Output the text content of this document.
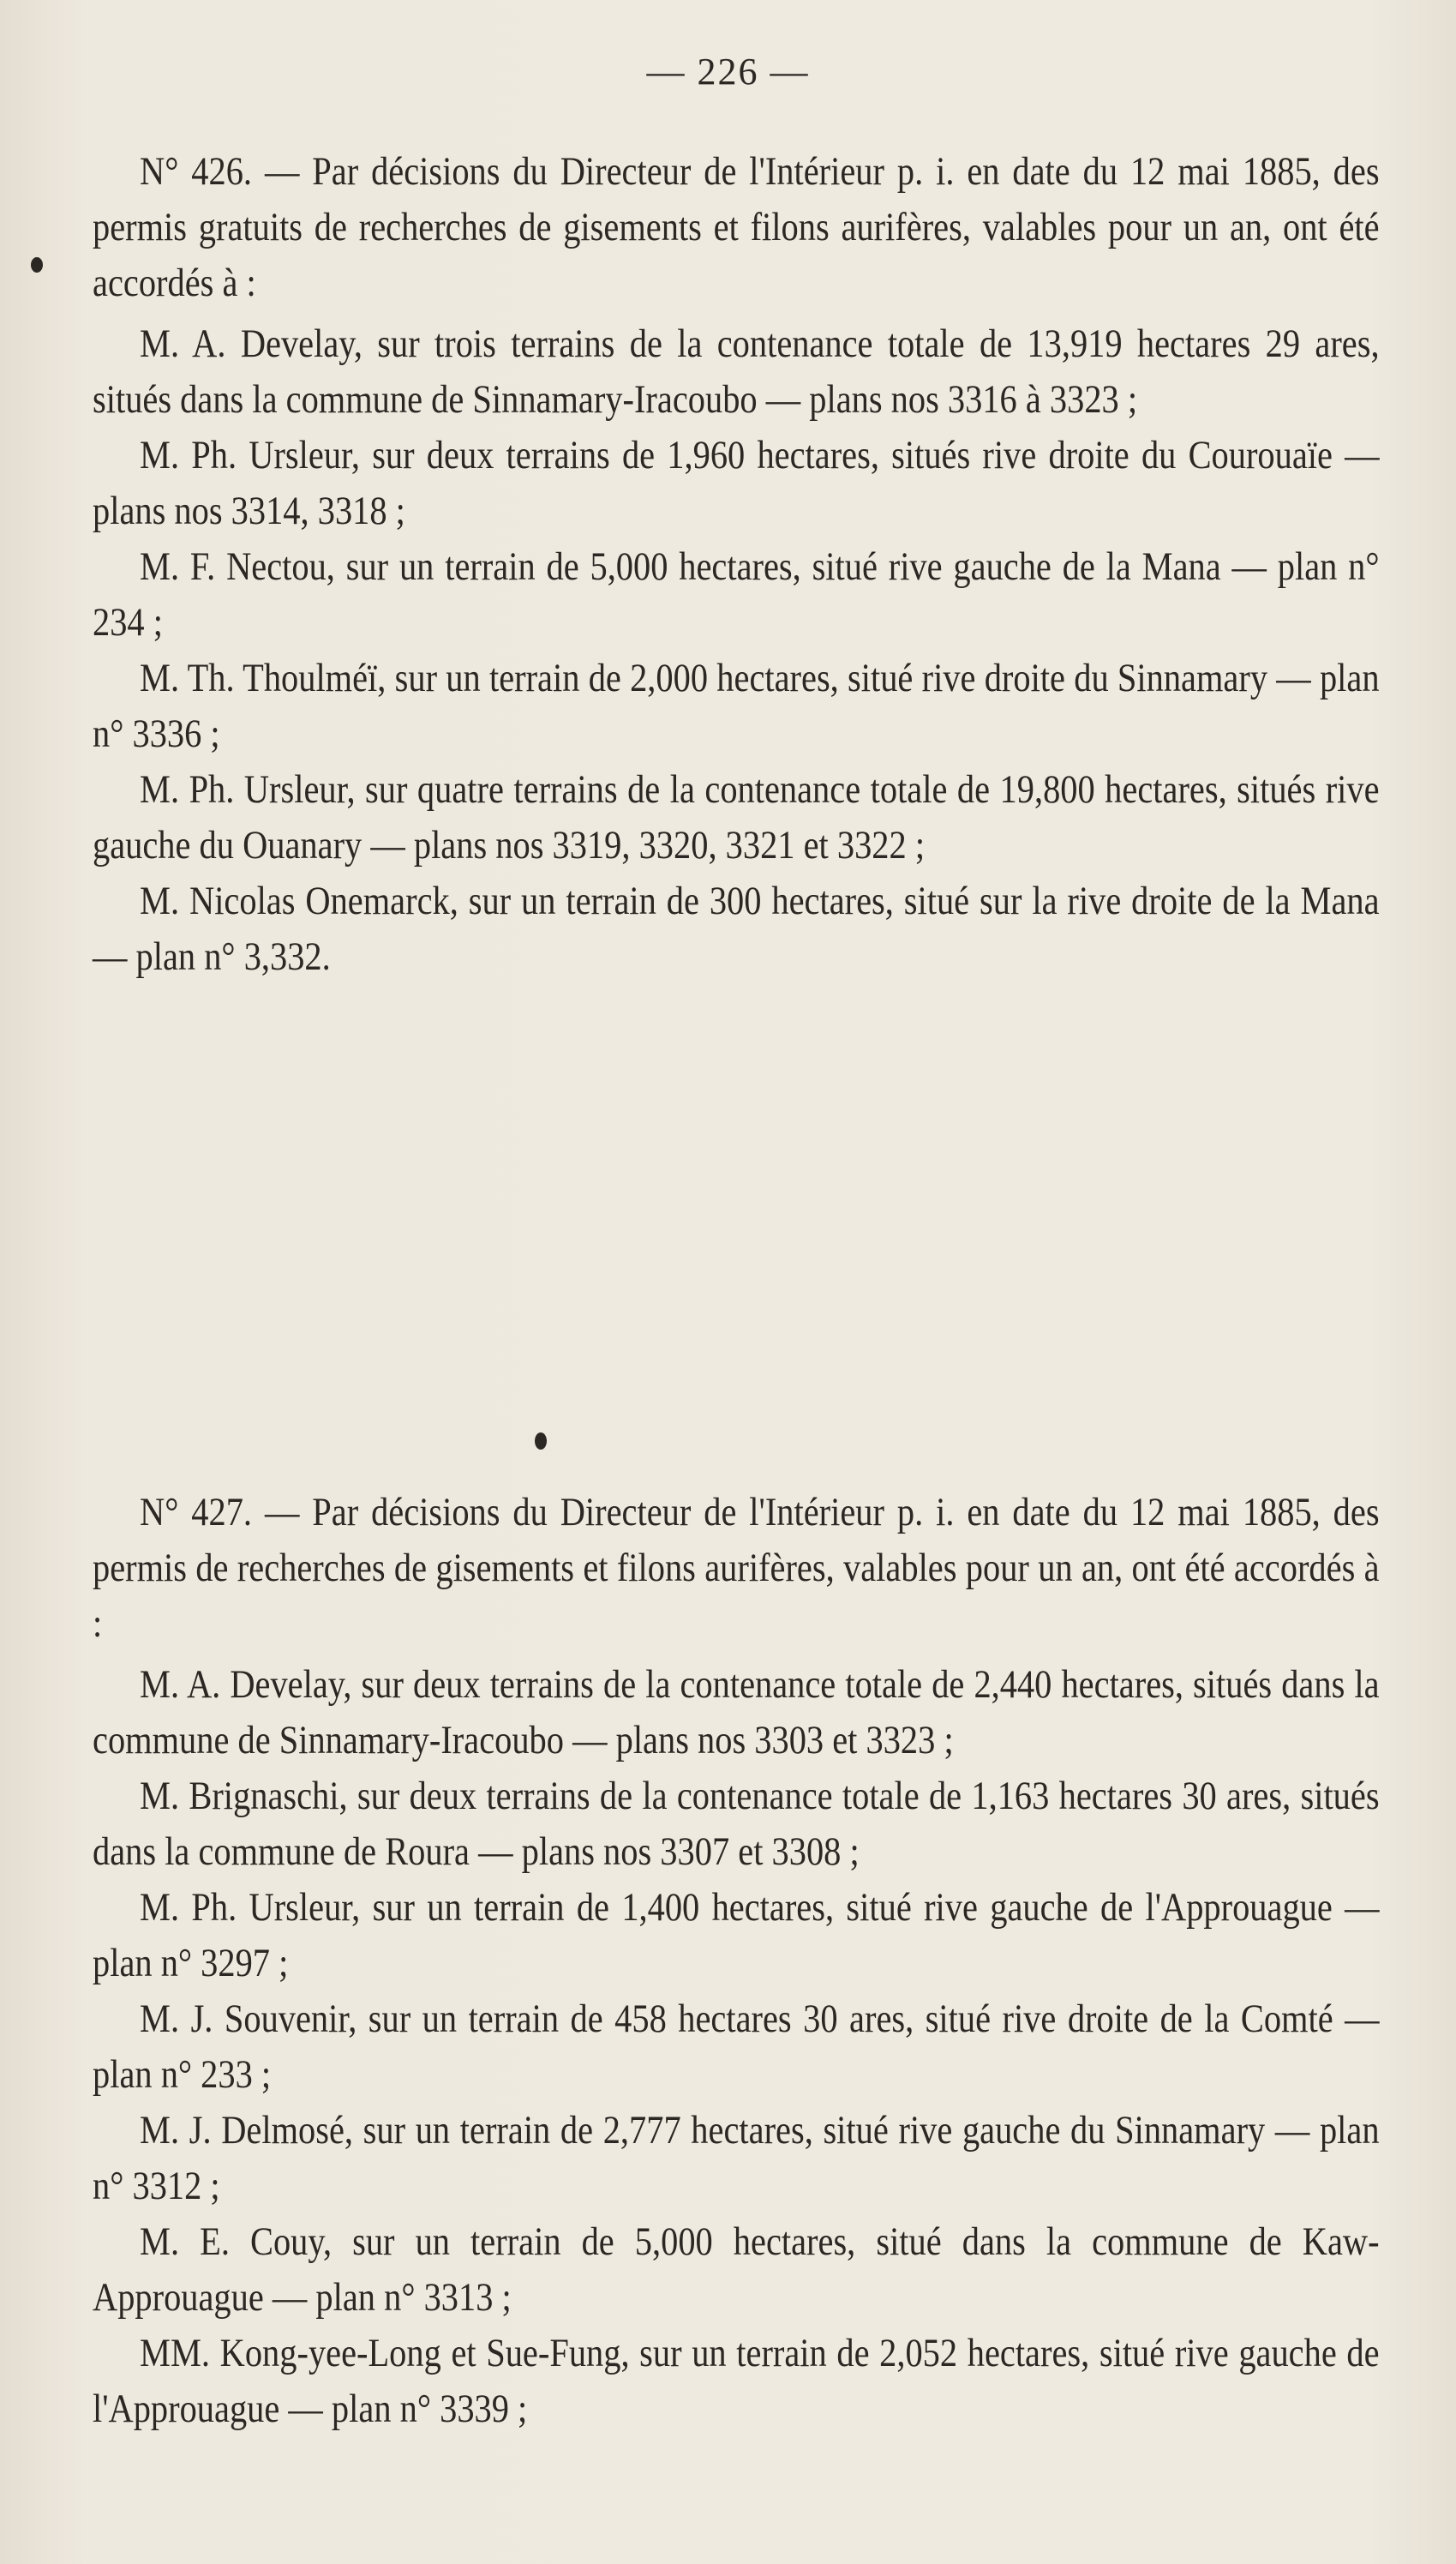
— 226 —

N° 426. — Par décisions du Directeur de l'Intérieur p. i. en date du 12 mai 1885, des permis gratuits de recherches de gisements et filons aurifères, valables pour un an, ont été accordés à :

M. A. Develay, sur trois terrains de la contenance totale de 13,919 hectares 29 ares, situés dans la commune de Sinnamary-Iracoubo — plans nos 3316 à 3323 ;

M. Ph. Ursleur, sur deux terrains de 1,960 hectares, situés rive droite du Courouaïe — plans nos 3314, 3318 ;

M. F. Nectou, sur un terrain de 5,000 hectares, situé rive gauche de la Mana — plan n° 234 ;

M. Th. Thoulméï, sur un terrain de 2,000 hectares, situé rive droite du Sinnamary — plan n° 3336 ;

M. Ph. Ursleur, sur quatre terrains de la contenance totale de 19,800 hectares, situés rive gauche du Ouanary — plans nos 3319, 3320, 3321 et 3322 ;

M. Nicolas Onemarck, sur un terrain de 300 hectares, situé sur la rive droite de la Mana — plan n° 3,332.

N° 427. — Par décisions du Directeur de l'Intérieur p. i. en date du 12 mai 1885, des permis de recherches de gisements et filons aurifères, valables pour un an, ont été accordés à :

M. A. Develay, sur deux terrains de la contenance totale de 2,440 hectares, situés dans la commune de Sinnamary-Iracoubo — plans nos 3303 et 3323 ;

M. Brignaschi, sur deux terrains de la contenance totale de 1,163 hectares 30 ares, situés dans la commune de Roura — plans nos 3307 et 3308 ;

M. Ph. Ursleur, sur un terrain de 1,400 hectares, situé rive gauche de l'Approuague — plan n° 3297 ;

M. J. Souvenir, sur un terrain de 458 hectares 30 ares, situé rive droite de la Comté — plan n° 233 ;

M. J. Delmosé, sur un terrain de 2,777 hectares, situé rive gauche du Sinnamary — plan n° 3312 ;

M. E. Couy, sur un terrain de 5,000 hectares, situé dans la commune de Kaw-Approuague — plan n° 3313 ;

MM. Kong-yee-Long et Sue-Fung, sur un terrain de 2,052 hectares, situé rive gauche de l'Approuague — plan n° 3339 ;
